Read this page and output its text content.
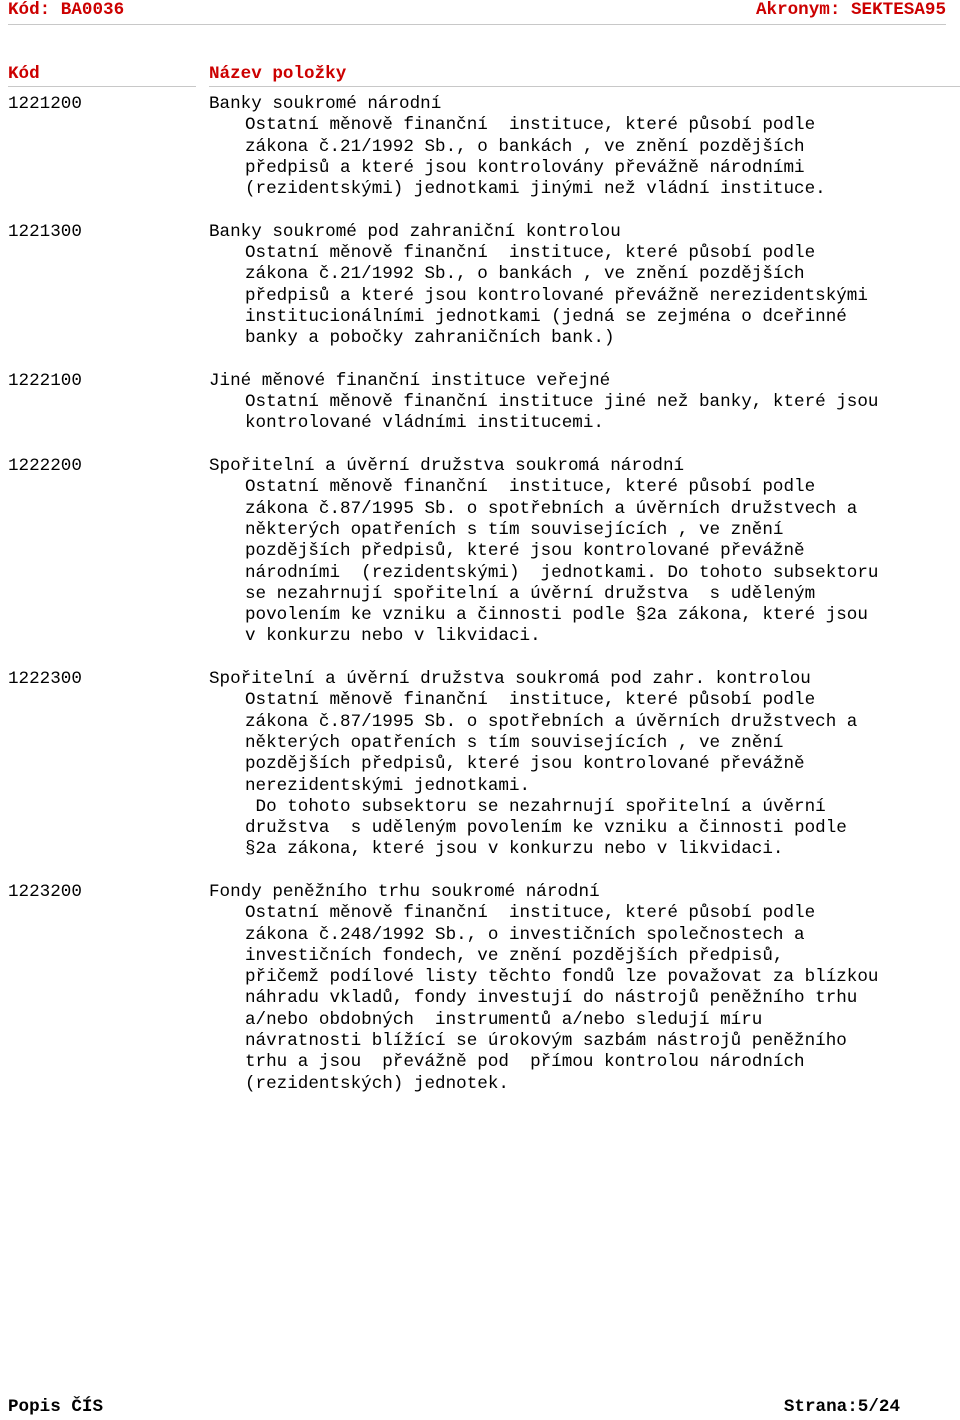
Kód: BA0036	Akronym: SEKTESA95
Kód	Název položky
1221200	Banky soukromé národní
Ostatní měnově finanční  instituce, které působí podle
zákona č.21/1992 Sb., o bankách , ve znění pozdějších
předpisů a které jsou kontrolovány převážně národními
(rezidentskými) jednotkami jinými než vládní instituce.
1221300	Banky soukromé pod zahraniční kontrolou
Ostatní měnově finanční  instituce, které působí podle
zákona č.21/1992 Sb., o bankách , ve znění pozdějších
předpisů a které jsou kontrolované převážně nerezidentskými
institucionálními jednotkami (jedná se zejména o dceřinné
banky a pobočky zahraničních bank.)
1222100	Jiné měnové finanční instituce veřejné
Ostatní měnově finanční instituce jiné než banky, které jsou
kontrolované vládními institucemi.
1222200	Spořitelní a úvěrní družstva soukromá národní
Ostatní měnově finanční  instituce, které působí podle
zákona č.87/1995 Sb. o spotřebních a úvěrních družstvech a
některých opatřeních s tím souvisejících , ve znění
pozdějších předpisů, které jsou kontrolované převážně
národními  (rezidentskými)  jednotkami. Do tohoto subsektoru
se nezahrnují spořitelní a úvěrní družstva  s uděleným
povolením ke vzniku a činnosti podle §2a zákona, které jsou
v konkurzu nebo v likvidaci.
1222300	Spořitelní a úvěrní družstva soukromá pod zahr. kontrolou
Ostatní měnově finanční  instituce, které působí podle
zákona č.87/1995 Sb. o spotřebních a úvěrních družstvech a
některých opatřeních s tím souvisejících , ve znění
pozdějších předpisů, které jsou kontrolované převážně
nerezidentskými jednotkami.
Do tohoto subsektoru se nezahrnují spořitelní a úvěrní
družstva  s uděleným povolením ke vzniku a činnosti podle
§2a zákona, které jsou v konkurzu nebo v likvidaci.
1223200	Fondy peněžního trhu soukromé národní
Ostatní měnově finanční  instituce, které působí podle
zákona č.248/1992 Sb., o investičních společnostech a
investičních fondech, ve znění pozdějších předpisů,
přičemž podílové listy těchto fondů lze považovat za blízkou
náhradu vkladů, fondy investují do nástrojů peněžního trhu
a/nebo obdobných  instrumentů a/nebo sledují míru
návratnosti blížící se úrokovým sazbám nástrojů peněžního
trhu a jsou  převážně pod  přímou kontrolou národních
(rezidentských) jednotek.
Popis ČÍS	Strana:5/24
